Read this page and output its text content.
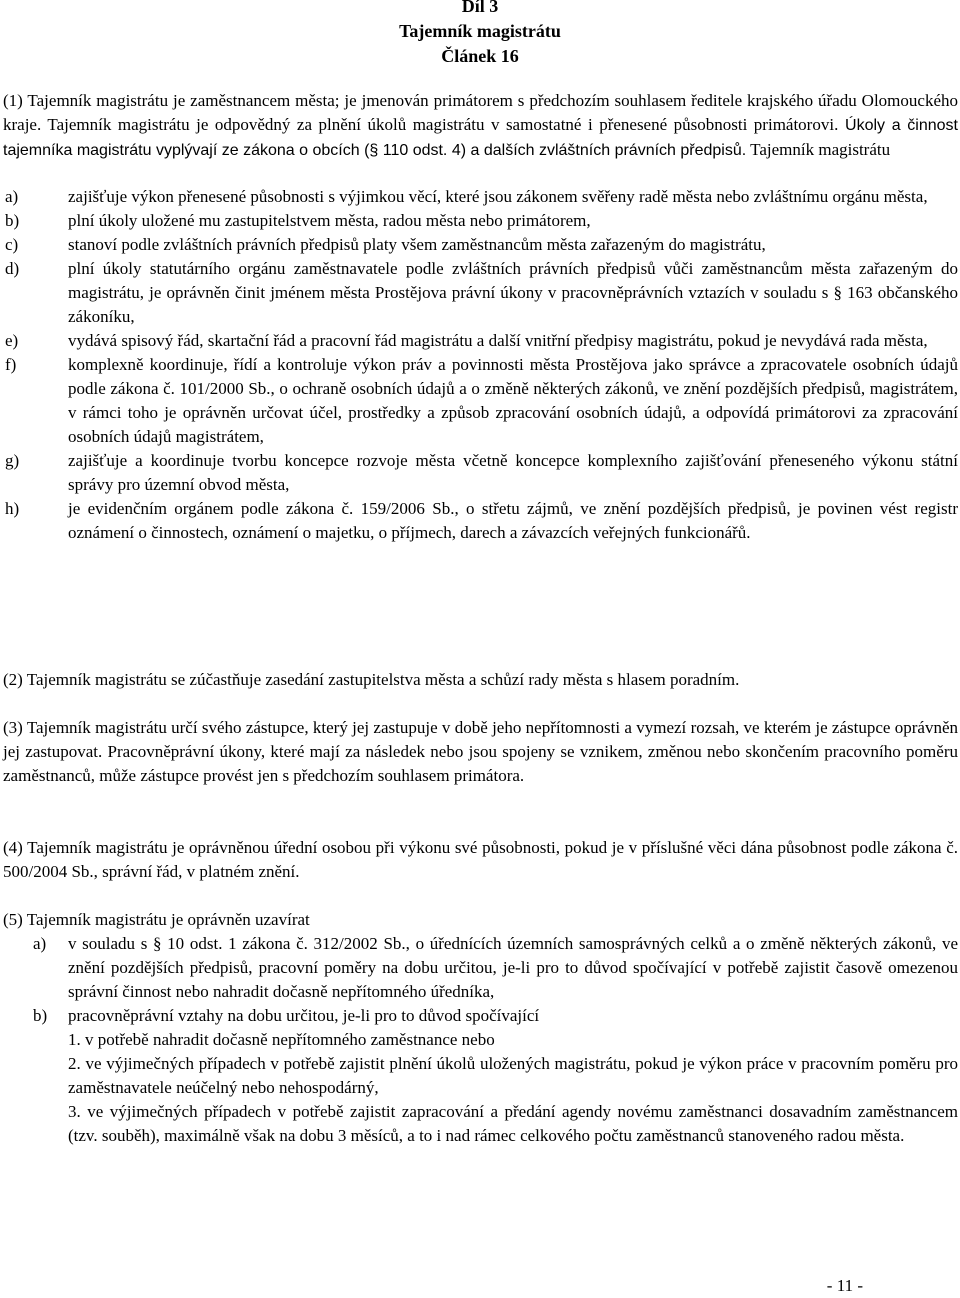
Díl 3
Tajemník magistrátu
Článek 16
(1) Tajemník magistrátu je zaměstnancem města; je jmenován primátorem s předchozím souhlasem ředitele krajského úřadu Olomouckého kraje. Tajemník magistrátu je odpovědný za plnění úkolů magistrátu v samostatné i přenesené působnosti primátorovi. Úkoly a činnost tajemníka magistrátu vyplývají ze zákona o obcích (§ 110 odst. 4) a dalších zvláštních právních předpisů. Tajemník magistrátu
a)	zajišťuje výkon přenesené působnosti s výjimkou věcí, které jsou zákonem svěřeny radě města nebo zvláštnímu orgánu města,
b)	plní úkoly uložené mu zastupitelstvem města, radou města nebo primátorem,
c)	stanoví podle zvláštních právních předpisů platy všem zaměstnancům města zařazeným do magistrátu,
d)	plní úkoly statutárního orgánu zaměstnavatele podle zvláštních právních předpisů vůči zaměstnancům města zařazeným do magistrátu, je oprávněn činit jménem města Prostějova právní úkony v pracovněprávních vztazích v souladu s § 163 občanského zákoníku,
e)	vydává spisový řád, skartační řád a pracovní řád magistrátu a další vnitřní předpisy magistrátu, pokud je nevydává rada města,
f)	komplexně koordinuje, řídí a kontroluje výkon práv a povinnosti města Prostějova jako správce a zpracovatele osobních údajů podle zákona č. 101/2000 Sb., o ochraně osobních údajů a o změně některých zákonů, ve znění pozdějších předpisů, magistrátem, v rámci toho je oprávněn určovat účel, prostředky a způsob zpracování osobních údajů, a odpovídá primátorovi za zpracování osobních údajů magistrátem,
g)	zajišťuje a koordinuje tvorbu koncepce rozvoje města včetně koncepce komplexního zajišťování přeneseného výkonu státní správy pro územní obvod města,
h)	je evidenčním orgánem podle zákona č. 159/2006 Sb., o střetu zájmů, ve znění pozdějších předpisů, je povinen vést registr oznámení o činnostech, oznámení o majetku, o příjmech, darech a závazcích veřejných funkcionářů.
(2) Tajemník magistrátu se zúčastňuje zasedání zastupitelstva města a schůzí rady města s hlasem poradním.
(3) Tajemník magistrátu určí svého zástupce, který jej zastupuje v době jeho nepřítomnosti a vymezí rozsah, ve kterém je zástupce oprávněn jej zastupovat. Pracovněprávní úkony, které mají za následek nebo jsou spojeny se vznikem, změnou nebo skončením pracovního poměru zaměstnanců, může zástupce provést jen s předchozím souhlasem primátora.
(4) Tajemník magistrátu je oprávněnou úřední osobou při výkonu své působnosti, pokud je v příslušné věci dána působnost podle zákona č. 500/2004 Sb., správní řád, v platném znění.
(5) Tajemník magistrátu je oprávněn uzavírat
a) v souladu s § 10 odst. 1 zákona č. 312/2002 Sb., o úřednících územních samosprávných celků a o změně některých zákonů, ve znění pozdějších předpisů, pracovní poměry na dobu určitou, je-li pro to důvod spočívající v potřebě zajistit časově omezenou správní činnost nebo nahradit dočasně nepřítomného úředníka,
b) pracovněprávní vztahy na dobu určitou, je-li pro to důvod spočívající
1. v potřebě nahradit dočasně nepřítomného zaměstnance nebo
2. ve výjimečných případech v potřebě zajistit plnění úkolů uložených magistrátu, pokud je výkon práce v pracovním poměru pro zaměstnavatele neúčelný nebo nehospodárný,
3. ve výjimečných případech v potřebě zajistit zapracování a předání agendy novému zaměstnanci dosavadním zaměstnancem (tzv. souběh), maximálně však na dobu 3 měsíců, a to i nad rámec celkového počtu zaměstnanců stanoveného radou města.
- 11 -
